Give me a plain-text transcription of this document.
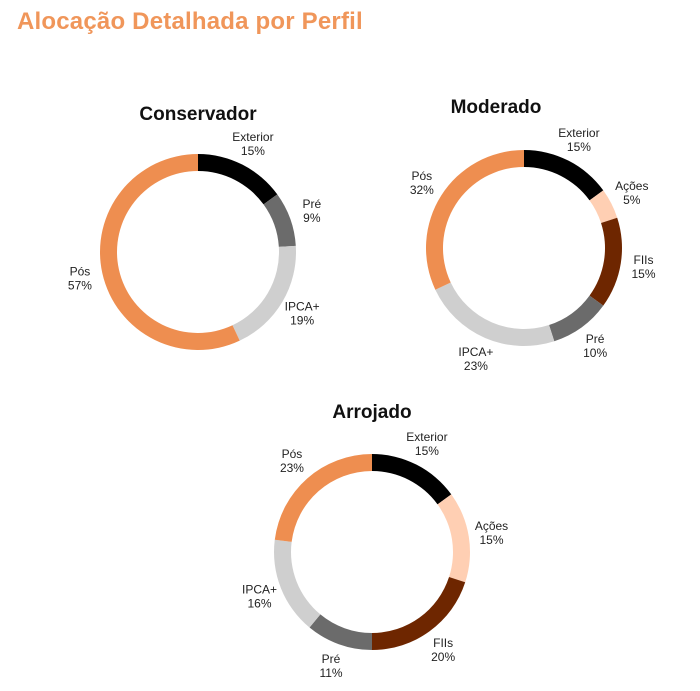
Alocação Detalhada por Perfil
Conservador
Exterior 15%
Pré 9%
IPCA+ 19%
Pós 57%
Moderado
Exterior 15%
Ações 5%
FIIs 15%
Pré 10%
IPCA+ 23%
Pós 32%
Arrojado
Exterior 15%
Ações 15%
FIIs 20%
Pré 11%
IPCA+ 16%
Pós 23%
